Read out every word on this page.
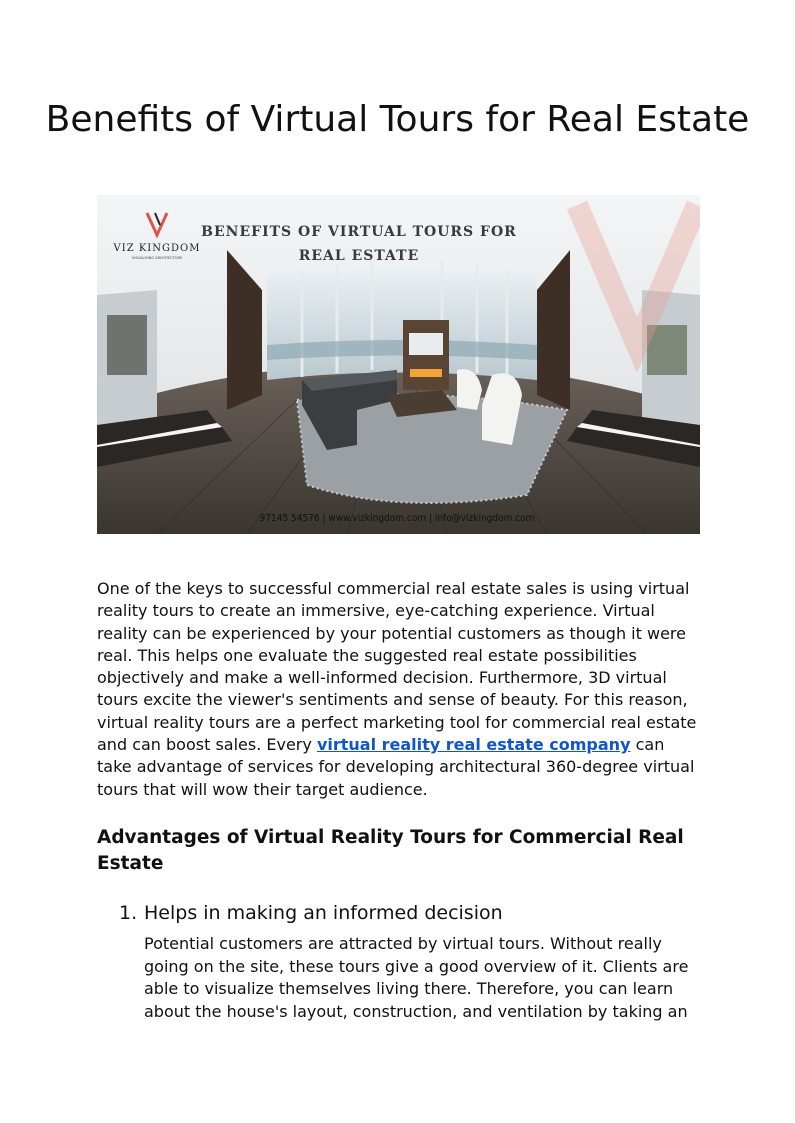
Benefits of Virtual Tours for Real Estate
VIZ KINGDOM
VISUALISING ARCHITECTURE
BENEFITS OF VIRTUAL TOURS FOR
REAL ESTATE
97145 54576 | www.vizkingdom.com | info@vizkingdom.com

One of the keys to successful commercial real estate sales is using virtual reality tours to create an immersive, eye-catching experience. Virtual reality can be experienced by your potential customers as though it were real. This helps one evaluate the suggested real estate possibilities objectively and make a well-informed decision. Furthermore, 3D virtual tours excite the viewer's sentiments and sense of beauty. For this reason, virtual reality tours are a perfect marketing tool for commercial real estate and can boost sales. Every virtual reality real estate company can take advantage of services for developing architectural 360-degree virtual tours that will wow their target audience.

Advantages of Virtual Reality Tours for Commercial Real Estate
1. Helps in making an informed decision

Potential customers are attracted by virtual tours. Without really going on the site, these tours give a good overview of it. Clients are able to visualize themselves living there. Therefore, you can learn about the house's layout, construction, and ventilation by taking an
